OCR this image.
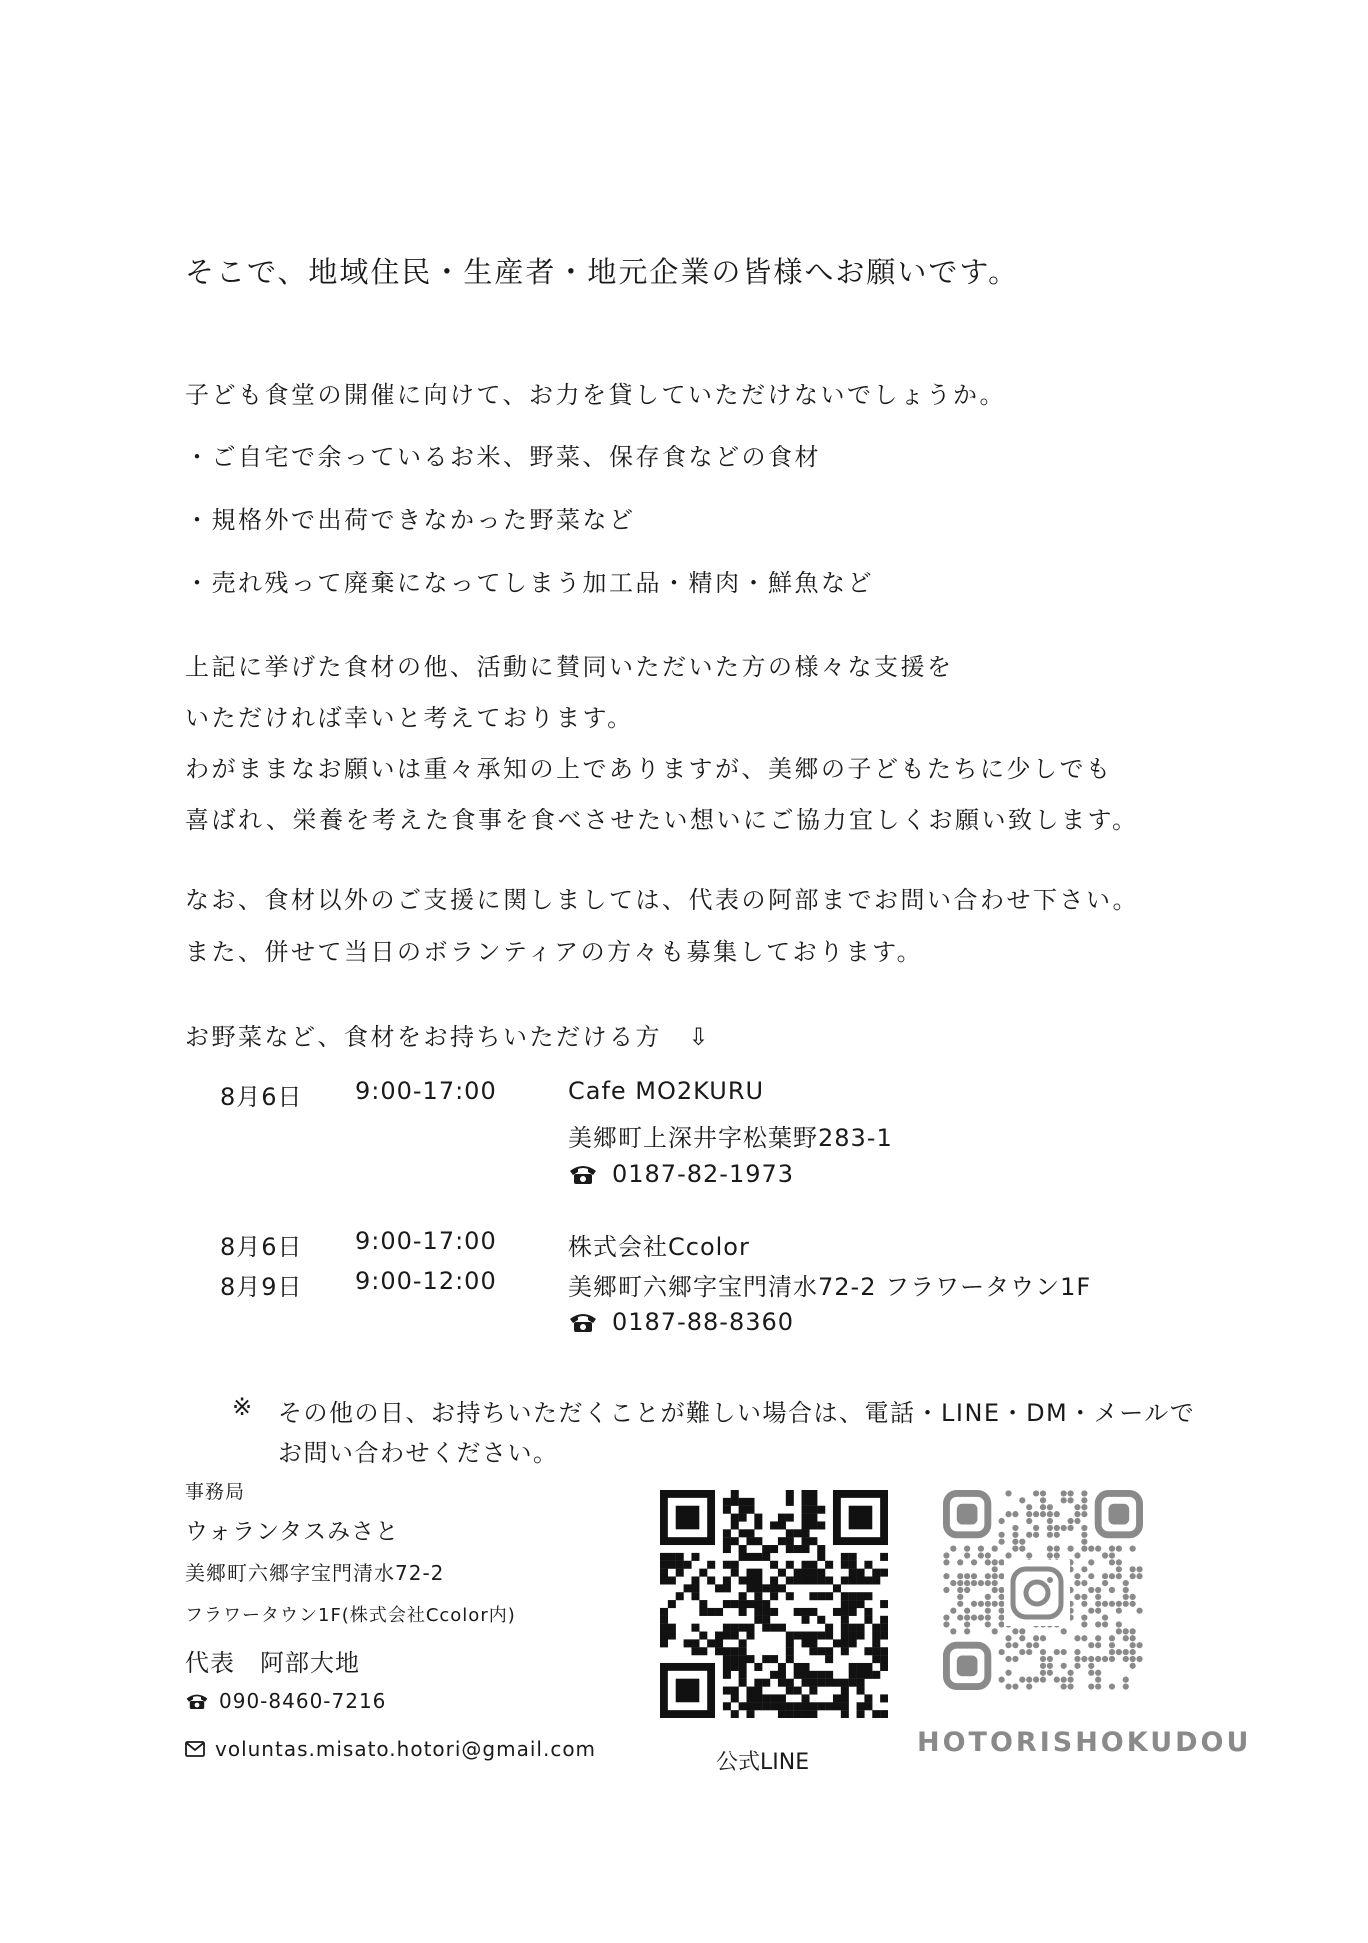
そこで、地域住民・生産者・地元企業の皆様へお願いです。
子ども食堂の開催に向けて、お力を貸していただけないでしょうか。
・ご自宅で余っているお米、野菜、保存食などの食材
・規格外で出荷できなかった野菜など
・売れ残って廃棄になってしまう加工品・精肉・鮮魚など
上記に挙げた食材の他、活動に賛同いただいた方の様々な支援を
いただければ幸いと考えております。
わがままなお願いは重々承知の上でありますが、美郷の子どもたちに少しでも
喜ばれ、栄養を考えた食事を食べさせたい想いにご協力宜しくお願い致します。
なお、食材以外のご支援に関しましては、代表の阿部までお問い合わせ下さい。
また、併せて当日のボランティアの方々も募集しております。
お野菜など、食材をお持ちいただける方　⇩
8月6日 9:00-17:00	Cafe MO2KURU
美郷町上深井字松葉野283-1
0187-82-1973
8月6日 9:00-17:00
8月9日 9:00-12:00
株式会社Ccolor
美郷町六郷字宝門清水72-2 フラワータウン1F
0187-88-8360
※ その他の日、お持ちいただくことが難しい場合は、電話・LINE・DM・メールで
お問い合わせください。
事務局
ウォランタスみさと
美郷町六郷字宝門清水72-2
フラワータウン1F(株式会社Ccolor内)
代表　阿部大地
090-8460-7216
voluntas.misato.hotori@gmail.com
公式LINE
HOTORISHOKUDOU
